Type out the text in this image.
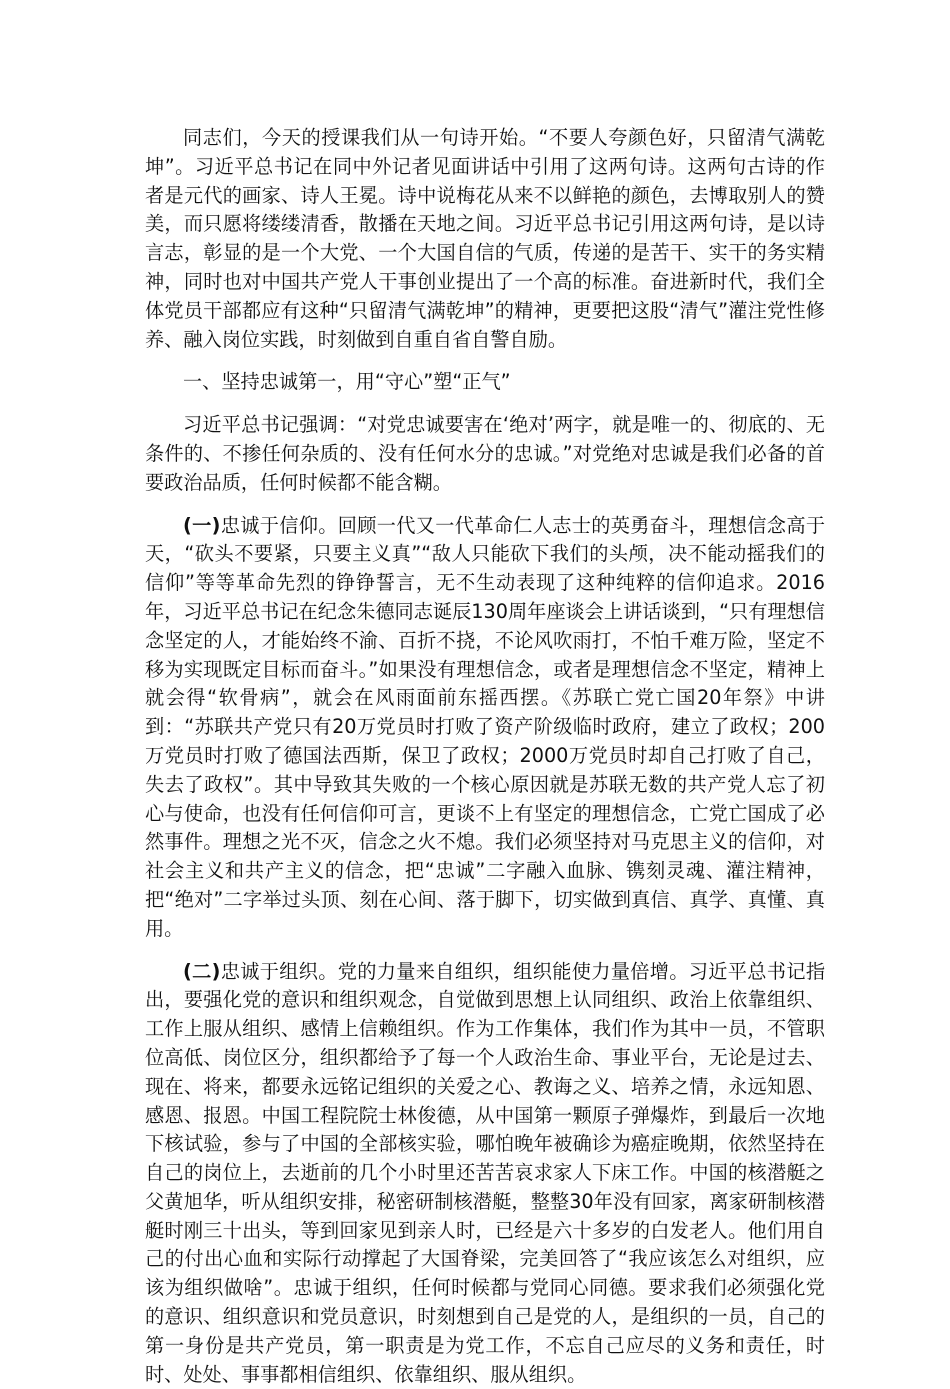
同志们，今天的授课我们从一句诗开始。“不要人夸颜色好，只留清气满乾坤”。习近平总书记在同中外记者见面讲话中引用了这两句诗。这两句古诗的作者是元代的画家、诗人王冕。诗中说梅花从来不以鲜艳的颜色，去博取别人的赞美，而只愿将缕缕清香，散播在天地之间。习近平总书记引用这两句诗，是以诗言志，彰显的是一个大党、一个大国自信的气质，传递的是苦干、实干的务实精神，同时也对中国共产党人干事创业提出了一个高的标准。奋进新时代，我们全体党员干部都应有这种“只留清气满乾坤”的精神，更要把这股“清气”灌注党性修养、融入岗位实践，时刻做到自重自省自警自励。

一、坚持忠诚第一，用“守心”塑“正气”

习近平总书记强调：“对党忠诚要害在‘绝对’两字，就是唯一的、彻底的、无条件的、不掺任何杂质的、没有任何水分的忠诚。”对党绝对忠诚是我们必备的首要政治品质，任何时候都不能含糊。

(一)忠诚于信仰。回顾一代又一代革命仁人志士的英勇奋斗，理想信念高于天，“砍头不要紧，只要主义真”“敌人只能砍下我们的头颅，决不能动摇我们的信仰”等等革命先烈的铮铮誓言，无不生动表现了这种纯粹的信仰追求。2016年，习近平总书记在纪念朱德同志诞辰130周年座谈会上讲话谈到，“只有理想信念坚定的人，才能始终不渝、百折不挠，不论风吹雨打，不怕千难万险，坚定不移为实现既定目标而奋斗。”如果没有理想信念，或者是理想信念不坚定，精神上就会得“软骨病”，就会在风雨面前东摇西摆。《苏联亡党亡国20年祭》中讲到：“苏联共产党只有20万党员时打败了资产阶级临时政府，建立了政权；200万党员时打败了德国法西斯，保卫了政权；2000万党员时却自己打败了自己，失去了政权”。其中导致其失败的一个核心原因就是苏联无数的共产党人忘了初心与使命，也没有任何信仰可言，更谈不上有坚定的理想信念，亡党亡国成了必然事件。理想之光不灭，信念之火不熄。我们必须坚持对马克思主义的信仰，对社会主义和共产主义的信念，把“忠诚”二字融入血脉、镌刻灵魂、灌注精神，把“绝对”二字举过头顶、刻在心间、落于脚下，切实做到真信、真学、真懂、真用。

(二)忠诚于组织。党的力量来自组织，组织能使力量倍增。习近平总书记指出，要强化党的意识和组织观念，自觉做到思想上认同组织、政治上依靠组织、工作上服从组织、感情上信赖组织。作为工作集体，我们作为其中一员，不管职位高低、岗位区分，组织都给予了每一个人政治生命、事业平台，无论是过去、现在、将来，都要永远铭记组织的关爱之心、教诲之义、培养之情，永远知恩、感恩、报恩。中国工程院院士林俊德，从中国第一颗原子弹爆炸，到最后一次地下核试验，参与了中国的全部核实验，哪怕晚年被确诊为癌症晚期，依然坚持在自己的岗位上，去逝前的几个小时里还苦苦哀求家人下床工作。中国的核潜艇之父黄旭华，听从组织安排，秘密研制核潜艇，整整30年没有回家，离家研制核潜艇时刚三十出头，等到回家见到亲人时，已经是六十多岁的白发老人。他们用自己的付出心血和实际行动撑起了大国脊梁，完美回答了“我应该怎么对组织，应该为组织做啥”。忠诚于组织，任何时候都与党同心同德。要求我们必须强化党的意识、组织意识和党员意识，时刻想到自己是党的人，是组织的一员，自己的第一身份是共产党员，第一职责是为党工作，不忘自己应尽的义务和责任，时时、处处、事事都相信组织、依靠组织、服从组织。
